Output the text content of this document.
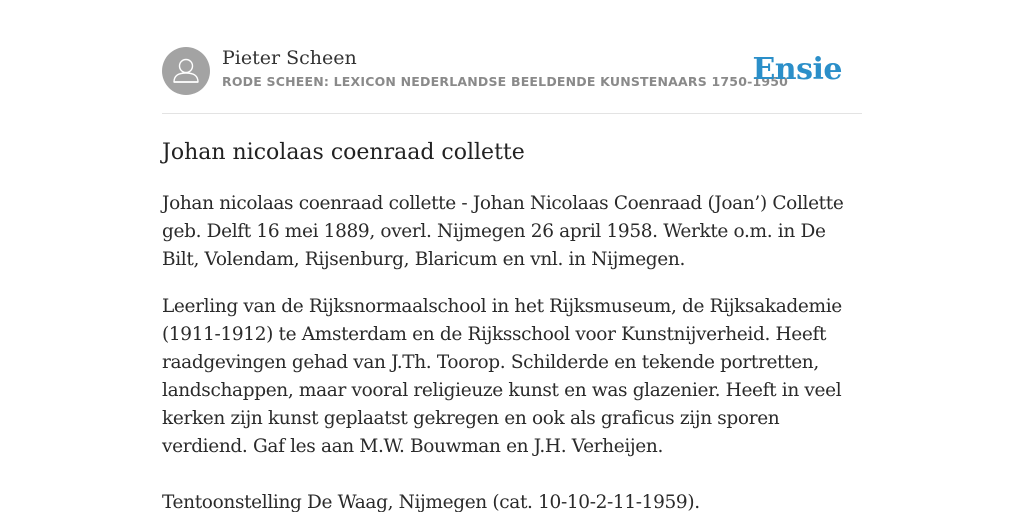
Pieter Scheen
RODE SCHEEN: LEXICON NEDERLANDSE BEELDENDE KUNSTENAARS 1750-1950
Ensie
Johan nicolaas coenraad collette

Johan nicolaas coenraad collette - Johan Nicolaas Coenraad (Joan’) Collette geb. Delft 16 mei 1889, overl. Nijmegen 26 april 1958. Werkte o.m. in De Bilt, Volendam, Rijsenburg, Blaricum en vnl. in Nijmegen.

Leerling van de Rijksnormaalschool in het Rijksmuseum, de Rijksakademie (1911-1912) te Amsterdam en de Rijksschool voor Kunstnijverheid. Heeft raadgevingen gehad van J.Th. Toorop. Schilderde en tekende portretten, landschappen, maar vooral religieuze kunst en was glazenier. Heeft in veel kerken zijn kunst geplaatst gekregen en ook als graficus zijn sporen verdiend. Gaf les aan M.W. Bouwman en J.H. Verheijen.

Tentoonstelling De Waag, Nijmegen (cat. 10-10-2-11-1959).
